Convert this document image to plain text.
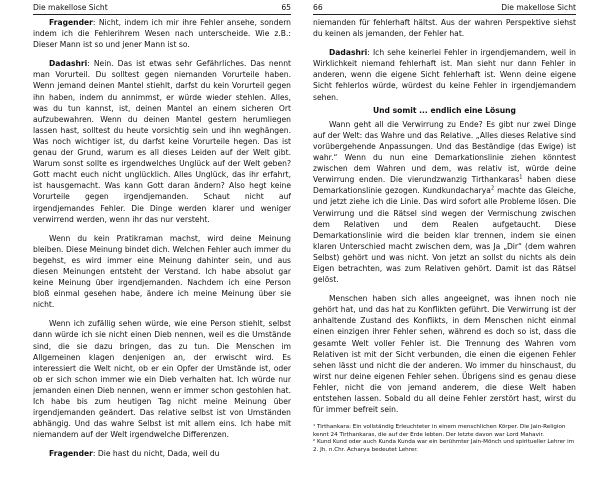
Die makellose Sicht	65

Fragender: Nicht, indem ich mir ihre Fehler ansehe, sondern indem ich die Fehlerihrem Wesen nach unterscheide. Wie z.B.: Dieser Mann ist so und jener Mann ist so.

Dadashri: Nein. Das ist etwas sehr Gefährliches. Das nennt man Vorurteil. Du solltest gegen niemanden Vorurteile haben. Wenn jemand deinen Mantel stiehlt, darfst du kein Vorurteil gegen ihn haben, indem du annimmst, er würde wieder stehlen. Alles, was du tun kannst, ist, deinen Mantel an einem sicheren Ort aufzubewahren. Wenn du deinen Mantel gestern herumliegen lassen hast, solltest du heute vorsichtig sein und ihn weghängen. Was noch wichtiger ist, du darfst keine Vorurteile hegen. Das ist genau der Grund, warum es all dieses Leiden auf der Welt gibt. Warum sonst sollte es irgendwelches Unglück auf der Welt geben? Gott macht euch nicht unglücklich. Alles Unglück, das ihr erfahrt, ist hausgemacht. Was kann Gott daran ändern? Also hegt keine Vorurteile gegen irgendjemanden. Schaut nicht auf irgendjemandes Fehler. Die Dinge werden klarer und weniger verwirrend werden, wenn ihr das nur versteht.

Wenn du kein Pratikraman machst, wird deine Meinung bleiben. Diese Meinung bindet dich. Welchen Fehler auch immer du begehst, es wird immer eine Meinung dahinter sein, und aus diesen Meinungen entsteht der Verstand. Ich habe absolut gar keine Meinung über irgendjemanden. Nachdem ich eine Person bloß einmal gesehen habe, ändere ich meine Meinung über sie nicht.

Wenn ich zufällig sehen würde, wie eine Person stiehlt, selbst dann würde ich sie nicht einen Dieb nennen, weil es die Umstände sind, die sie dazu bringen, das zu tun. Die Menschen im Allgemeinen klagen denjenigen an, der erwischt wird. Es interessiert die Welt nicht, ob er ein Opfer der Umstände ist, oder ob er sich schon immer wie ein Dieb verhalten hat. Ich würde nur jemanden einen Dieb nennen, wenn er immer schon gestohlen hat. Ich habe bis zum heutigen Tag nicht meine Meinung über irgendjemanden geändert. Das relative selbst ist von Umständen abhängig. Und das wahre Selbst ist mit allem eins. Ich habe mit niemandem auf der Welt irgendwelche Differenzen.

Fragender: Die hast du nicht, Dada, weil du

66	Die makellose Sicht

niemanden für fehlerhaft hältst. Aus der wahren Perspektive siehst du keinen als jemanden, der Fehler hat.

Dadashri: Ich sehe keinerlei Fehler in irgendjemandem, weil in Wirklichkeit niemand fehlerhaft ist. Man sieht nur dann Fehler in anderen, wenn die eigene Sicht fehlerhaft ist. Wenn deine eigene Sicht fehlerlos würde, würdest du keine Fehler in irgendjemandem sehen.

Und somit ... endlich eine Lösung

Wann geht all die Verwirrung zu Ende? Es gibt nur zwei Dinge auf der Welt: das Wahre und das Relative. „Alles dieses Relative sind vorübergehende Anpassungen. Und das Beständige (das Ewige) ist wahr.“ Wenn du nun eine Demarkationslinie ziehen könntest zwischen dem Wahren und dem, was relativ ist, würde deine Verwirrung enden. Die vierundzwanzig Tirthankaras$^1$ haben diese Demarkationslinie gezogen. Kundkundacharya$^2$ machte das Gleiche, und jetzt ziehe ich die Linie. Das wird sofort alle Probleme lösen. Die Verwirrung und die Rätsel sind wegen der Vermischung zwischen dem Relativen und dem Realen aufgetaucht. Diese Demarkationslinie wird die beiden klar trennen, indem sie einen klaren Unterschied macht zwischen dem, was Ja „Dir“ (dem wahren Selbst) gehört und was nicht. Von jetzt an sollst du nichts als dein Eigen betrachten, was zum Relativen gehört. Damit ist das Rätsel gelöst.

Menschen haben sich alles angeeignet, was ihnen noch nie gehört hat, und das hat zu Konflikten geführt. Die Verwirrung ist der anhaltende Zustand des Konflikts, in dem Menschen nicht einmal einen einzigen ihrer Fehler sehen, während es doch so ist, dass die gesamte Welt voller Fehler ist. Die Trennung des Wahren vom Relativen ist mit der Sicht verbunden, die einen die eigenen Fehler sehen lässt und nicht die der anderen. Wo immer du hinschaust, du wirst nur deine eigenen Fehler sehen. Übrigens sind es genau diese Fehler, nicht die von jemand anderem, die diese Welt haben entstehen lassen. Sobald du all deine Fehler zerstört hast, wirst du für immer befreit sein.

¹ Tirthankara: Ein vollständig Erleuchteter in einem menschlichen Körper. Die Jain-Religion kennt 24 Tirthankaras, die auf der Erde lebten. Der letzte davon war Lord Mahavir.

² Kund Kund oder auch Kunda Kunda war ein berühmter Jain-Mönch und spiritueller Lehrer im 2. Jh. n.Chr. Acharya bedeutet Lehrer.
